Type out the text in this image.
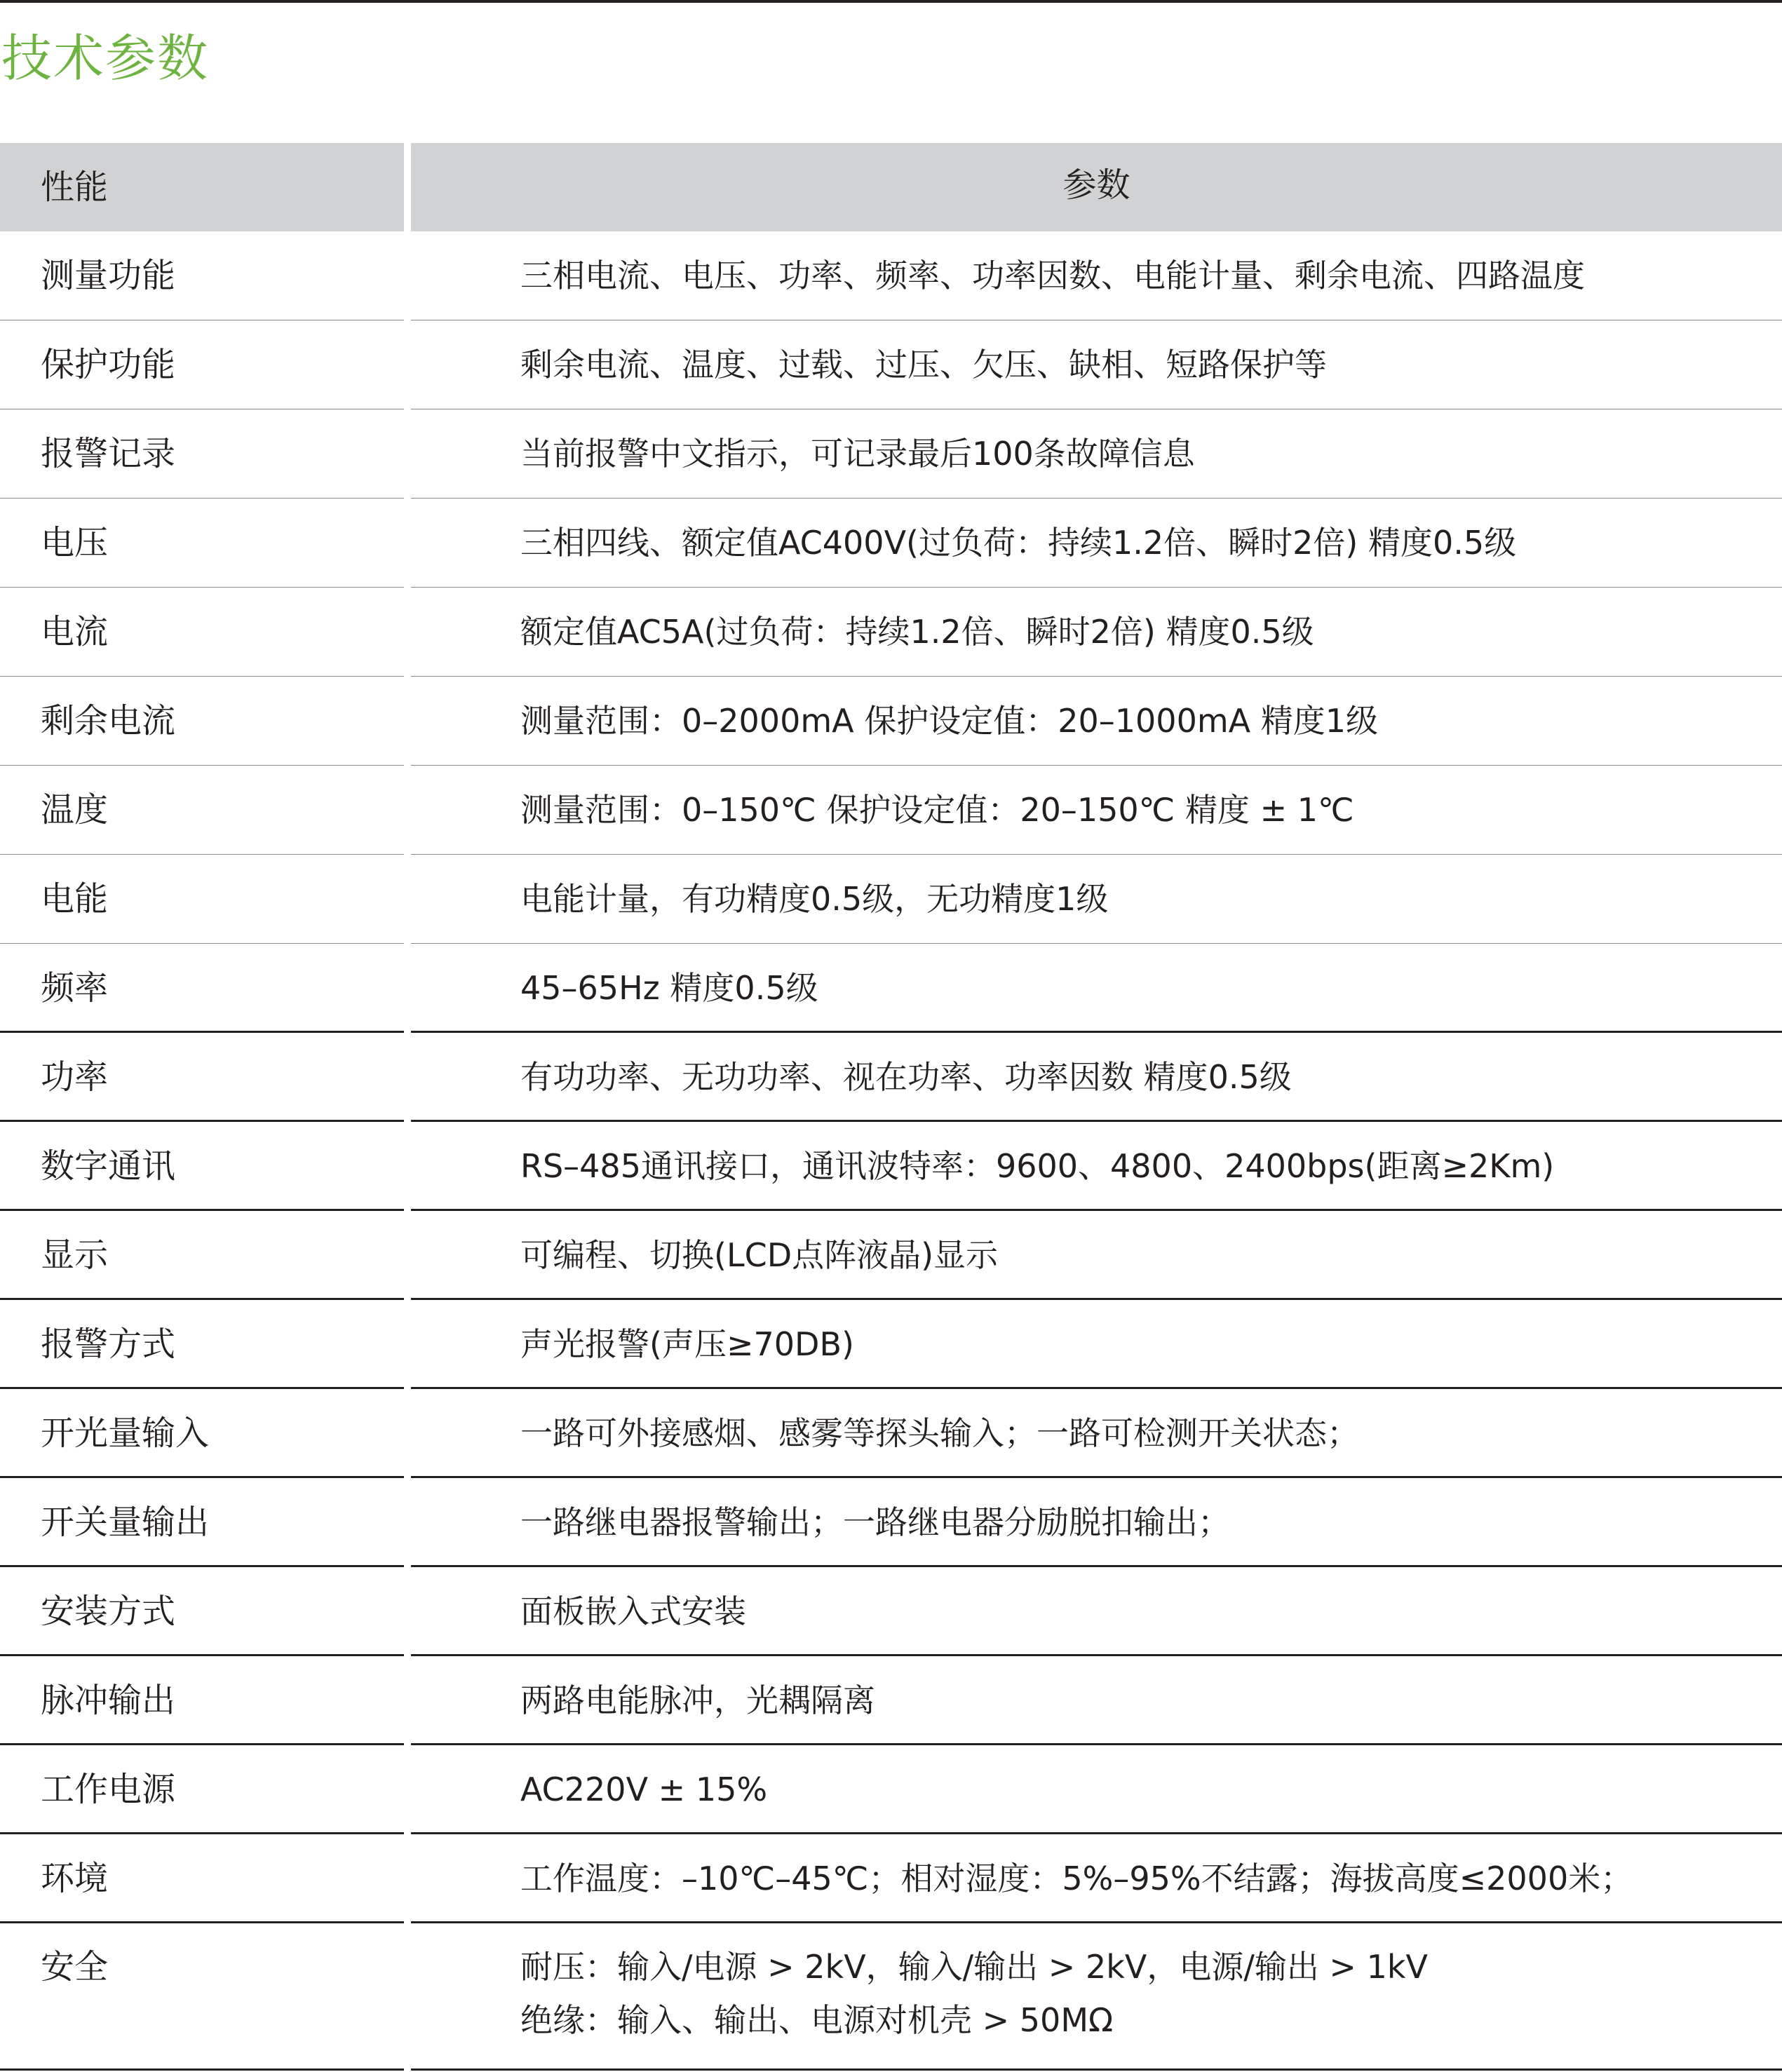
技术参数
性能	参数
测量功能	三相电流、电压、功率、频率、功率因数、电能计量、剩余电流、四路温度
保护功能	剩余电流、温度、过载、过压、欠压、缺相、短路保护等
报警记录	当前报警中文指示，可记录最后100条故障信息
电压	三相四线、额定值AC400V(过负荷：持续1.2倍、瞬时2倍) 精度0.5级
电流	额定值AC5A(过负荷：持续1.2倍、瞬时2倍) 精度0.5级
剩余电流	测量范围：0–2000mA 保护设定值：20–1000mA 精度1级
温度	测量范围：0–150℃ 保护设定值：20–150℃ 精度 ± 1℃
电能	电能计量，有功精度0.5级，无功精度1级
频率	45–65Hz 精度0.5级
功率	有功功率、无功功率、视在功率、功率因数 精度0.5级
数字通讯	RS–485通讯接口，通讯波特率：9600、4800、2400bps(距离≥2Km)
显示	可编程、切换(LCD点阵液晶)显示
报警方式	声光报警(声压≥70DB)
开光量输入	一路可外接感烟、感雾等探头输入；一路可检测开关状态；
开关量输出	一路继电器报警输出；一路继电器分励脱扣输出；
安装方式	面板嵌入式安装
脉冲输出	两路电能脉冲，光耦隔离
工作电源	AC220V ± 15%
环境	工作温度：–10℃–45℃；相对湿度：5%–95%不结露；海拔高度≤2000米；
安全	耐压：输入/电源 > 2kV，输入/输出 > 2kV，电源/输出 > 1kV
绝缘：输入、输出、电源对机壳 > 50MΩ
